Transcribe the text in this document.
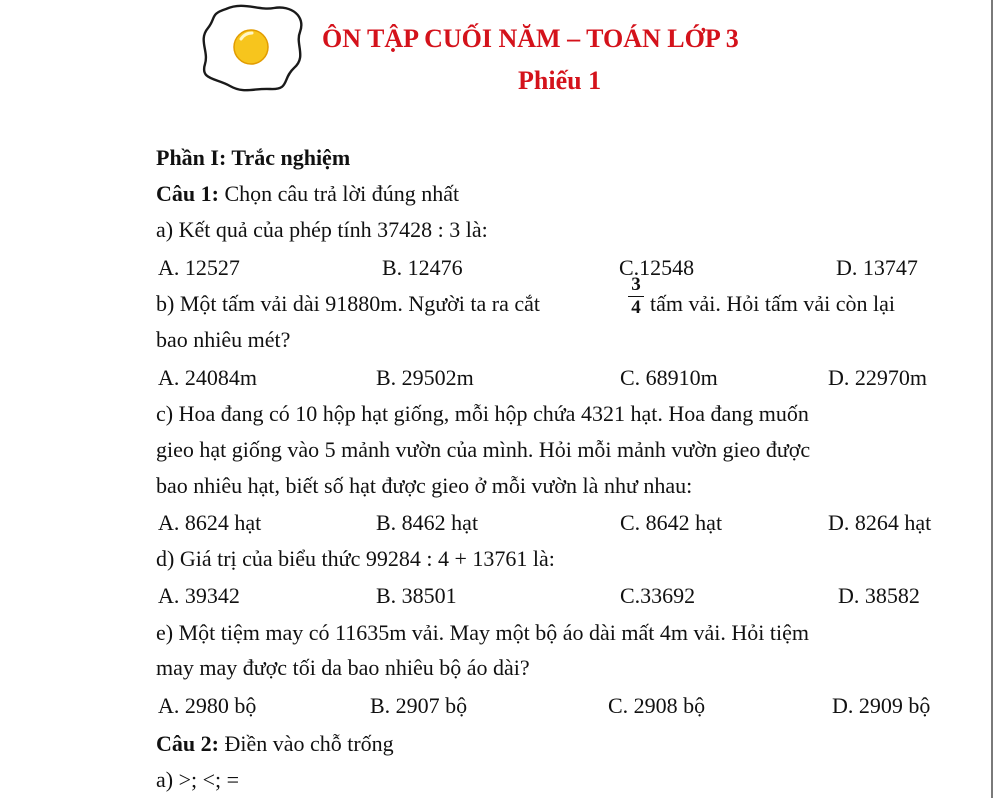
ÔN TẬP CUỐI NĂM – TOÁN LỚP 3
Phiếu 1
Phần I: Trắc nghiệm
Câu 1: Chọn câu trả lời đúng nhất
a) Kết quả của phép tính 37428 : 3 là:
A. 12527	B. 12476	C.12548	D. 13747
b) Một tấm vải dài 91880m. Người ta ra cắt
3
4 tấm vải. Hỏi tấm vải còn lại
bao nhiêu mét?
A. 24084m	B. 29502m	C. 68910m	D. 22970m
c) Hoa đang có 10 hộp hạt giống, mỗi hộp chứa 4321 hạt. Hoa đang muốn
gieo hạt giống vào 5 mảnh vườn của mình. Hỏi mỗi mảnh vườn gieo được
bao nhiêu hạt, biết số hạt được gieo ở mỗi vườn là như nhau:
A. 8624 hạt	B. 8462 hạt	C. 8642 hạt	D. 8264 hạt
d) Giá trị của biểu thức 99284 : 4 + 13761 là:
A. 39342	B. 38501	C.33692	D. 38582
e) Một tiệm may có 11635m vải. May một bộ áo dài mất 4m vải. Hỏi tiệm
may may được tối da bao nhiêu bộ áo dài?
A. 2980 bộ	B. 2907 bộ	C. 2908 bộ	D. 2909 bộ
Câu 2: Điền vào chỗ trống
a) >; <; =
